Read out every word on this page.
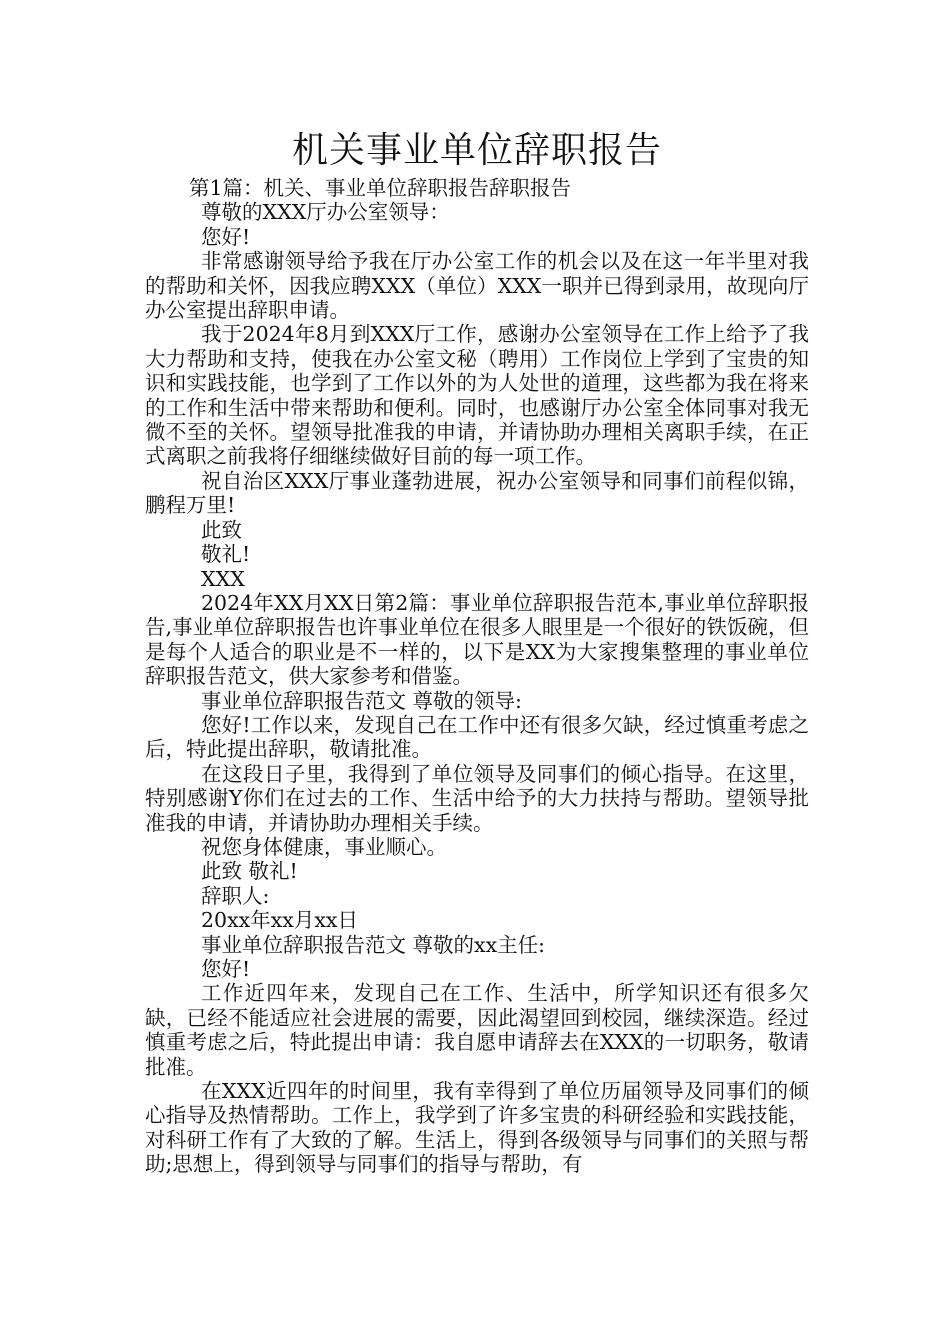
机关事业单位辞职报告

第1篇：机关、事业单位辞职报告辞职报告

尊敬的XXX厅办公室领导：

您好!

非常感谢领导给予我在厅办公室工作的机会以及在这一年半里对我的帮助和关怀，因我应聘XXX（单位）XXX一职并已得到录用，故现向厅办公室提出辞职申请。

我于2024年8月到XXX厅工作，感谢办公室领导在工作上给予了我大力帮助和支持，使我在办公室文秘（聘用）工作岗位上学到了宝贵的知识和实践技能，也学到了工作以外的为人处世的道理，这些都为我在将来的工作和生活中带来帮助和便利。同时，也感谢厅办公室全体同事对我无微不至的关怀。望领导批准我的申请，并请协助办理相关离职手续，在正式离职之前我将仔细继续做好目前的每一项工作。

祝自治区XXX厅事业蓬勃进展，祝办公室领导和同事们前程似锦，鹏程万里!

此致

敬礼!

XXX

2024年XX月XX日第2篇：事业单位辞职报告范本,事业单位辞职报告,事业单位辞职报告也许事业单位在很多人眼里是一个很好的铁饭碗，但是每个人适合的职业是不一样的，以下是XX为大家搜集整理的事业单位辞职报告范文，供大家参考和借鉴。

事业单位辞职报告范文 尊敬的领导:

您好!工作以来，发现自己在工作中还有很多欠缺，经过慎重考虑之后，特此提出辞职，敬请批准。

在这段日子里，我得到了单位领导及同事们的倾心指导。在这里，特别感谢Y你们在过去的工作、生活中给予的大力扶持与帮助。望领导批准我的申请，并请协助办理相关手续。

祝您身体健康，事业顺心。

此致 敬礼!

辞职人:

20xx年xx月xx日

事业单位辞职报告范文 尊敬的xx主任:

您好!

工作近四年来，发现自己在工作、生活中，所学知识还有很多欠缺，已经不能适应社会进展的需要，因此渴望回到校园，继续深造。经过慎重考虑之后，特此提出申请：我自愿申请辞去在XXX的一切职务，敬请批准。

在XXX近四年的时间里，我有幸得到了单位历届领导及同事们的倾心指导及热情帮助。工作上，我学到了许多宝贵的科研经验和实践技能，对科研工作有了大致的了解。生活上，得到各级领导与同事们的关照与帮助;思想上，得到领导与同事们的指导与帮助，有
